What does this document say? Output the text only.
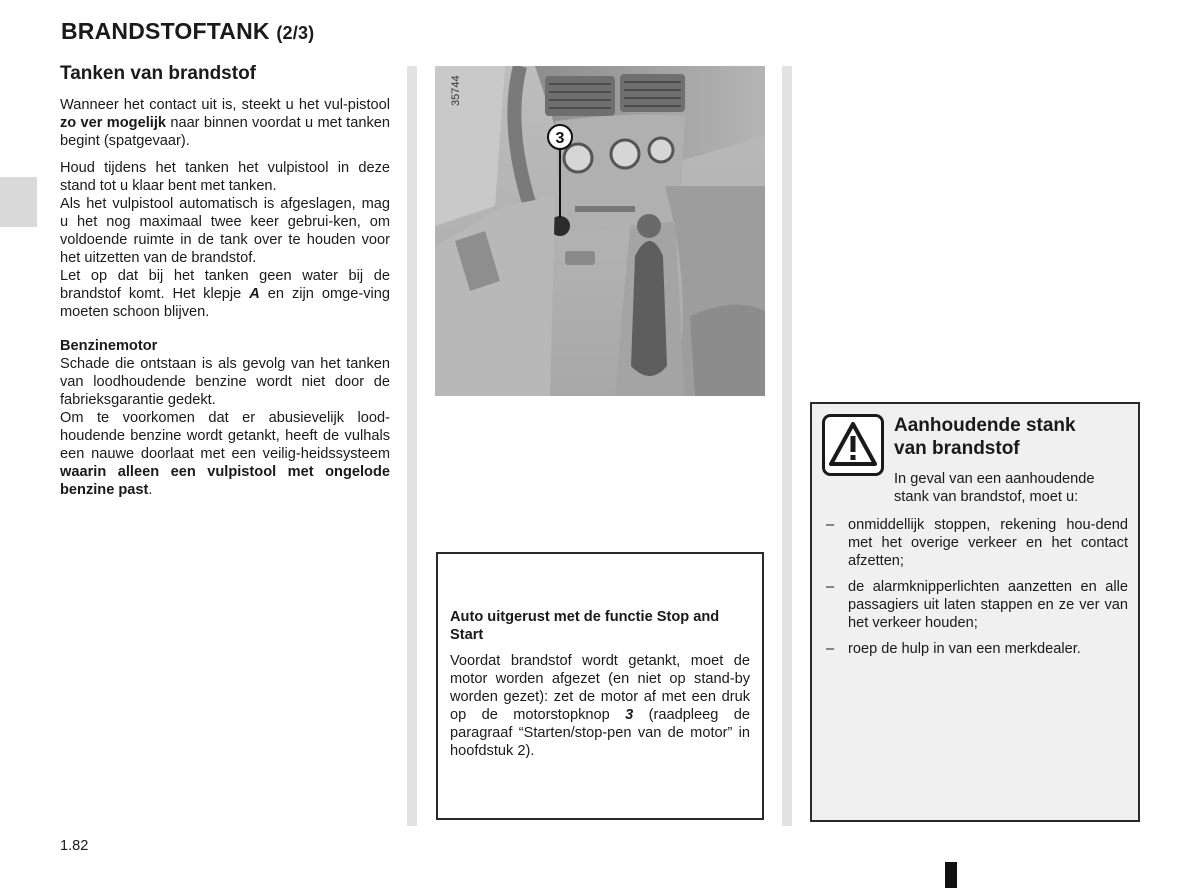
BRANDSTOFTANK (2/3)
Tanken van brandstof

Wanneer het contact uit is, steekt u het vul-pistool zo ver mogelijk naar binnen voordat u met tanken begint (spatgevaar).

Houd tijdens het tanken het vulpistool in deze stand tot u klaar bent met tanken.

Als het vulpistool automatisch is afgeslagen, mag u het nog maximaal twee keer gebrui-ken, om voldoende ruimte in de tank over te houden voor het uitzetten van de brandstof.

Let op dat bij het tanken geen water bij de brandstof komt. Het klepje A en zijn omge-ving moeten schoon blijven.

Benzinemotor

Schade die ontstaan is als gevolg van het tanken van loodhoudende benzine wordt niet door de fabrieksgarantie gedekt.

Om te voorkomen dat er abusievelijk lood-houdende benzine wordt getankt, heeft de vulhals een nauwe doorlaat met een veilig-heidssysteem waarin alleen een vulpistool met ongelode benzine past.

35744
3

Auto uitgerust met de functie Stop and Start

Voordat brandstof wordt getankt, moet de motor worden afgezet (en niet op stand-by worden gezet): zet de motor af met een druk op de motorstopknop 3 (raadpleeg de paragraaf “Starten/stop-pen van de motor” in hoofdstuk 2).

Aanhoudende stank
van brandstof
In geval van een aanhoudende stank van brandstof, moet u:
– onmiddellijk stoppen, rekening hou-dend met het overige verkeer en het contact afzetten;
– de alarmknipperlichten aanzetten en alle passagiers uit laten stappen en ze ver van het verkeer houden;
– roep de hulp in van een merkdealer.
1.82
